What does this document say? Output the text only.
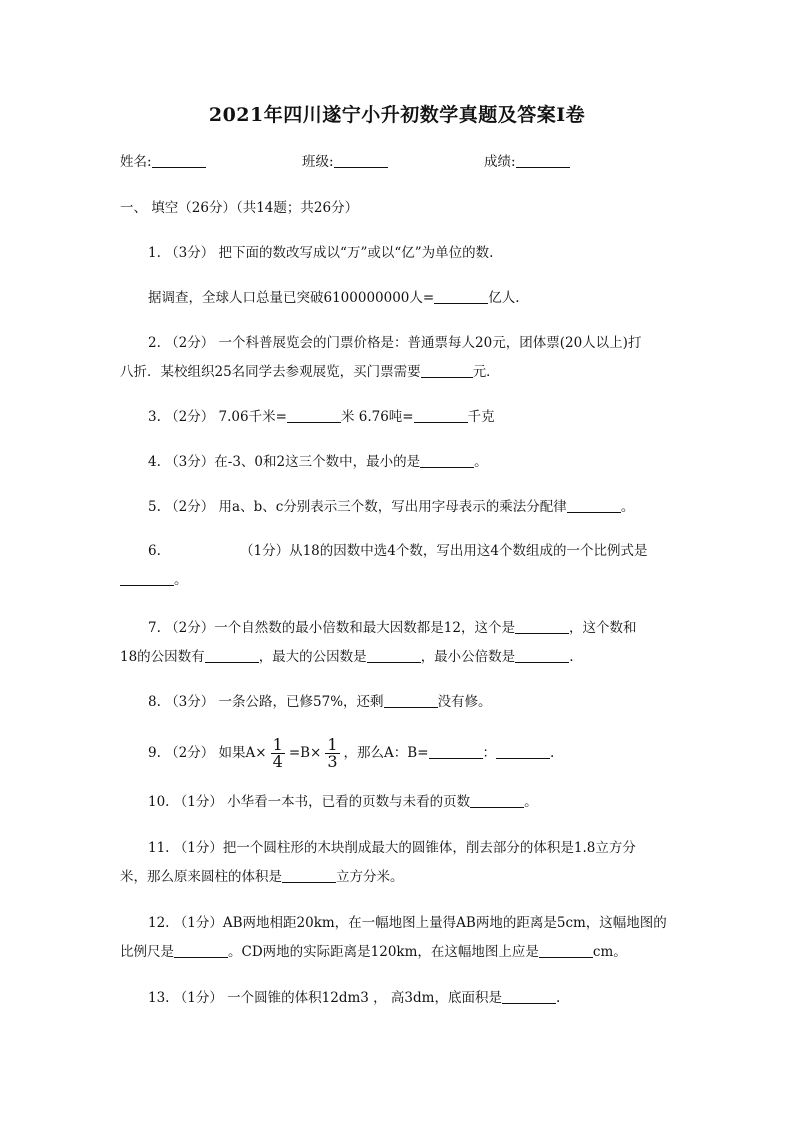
2021年四川遂宁小升初数学真题及答案Ⅰ卷
姓名:	班级:	成绩:
一、 填空（26分）（共14题；共26分）
1. （3分） 把下面的数改写成以“万”或以“亿”为单位的数.
据调查，全球人口总量已突破6100000000人=	亿人.
2. （2分） 一个科普展览会的门票价格是：普通票每人20元，团体票(20人以上)打
八折．某校组织25名同学去参观展览，买门票需要	元．
3. （2分） 7.06千米=	米 6.76吨=	千克
4. （3分）在-3、0和2这三个数中，最小的是	。
5. （2分） 用a、b、c分别表示三个数，写出用字母表示的乘法分配律	。
6.	（1分）从18的因数中选4个数，写出用这4个数组成的一个比例式是
。
7. （2分）一个自然数的最小倍数和最大因数都是12，这个是	，这个数和
18的公因数有	，最大的公因数是	，最小公倍数是	.
8. （3分） 一条公路，已修57%，还剩	没有修。
9. （2分） 如果$A\times \frac{1}{4} =B\times \frac{1}{3}$ ，那么A：B=	：	.
10. （1分） 小华看一本书，已看的页数与未看的页数	。
11. （1分）把一个圆柱形的木块削成最大的圆锥体，削去部分的体积是1.8立方分
米，那么原来圆柱的体积是	立方分米。
12. （1分）AB两地相距20km，在一幅地图上量得AB两地的距离是5cm，这幅地图的
比例尺是	。CD两地的实际距离是120km，在这幅地图上应是	cm。
13. （1分） 一个圆锥的体积12dm3 ， 高3dm，底面积是	.
